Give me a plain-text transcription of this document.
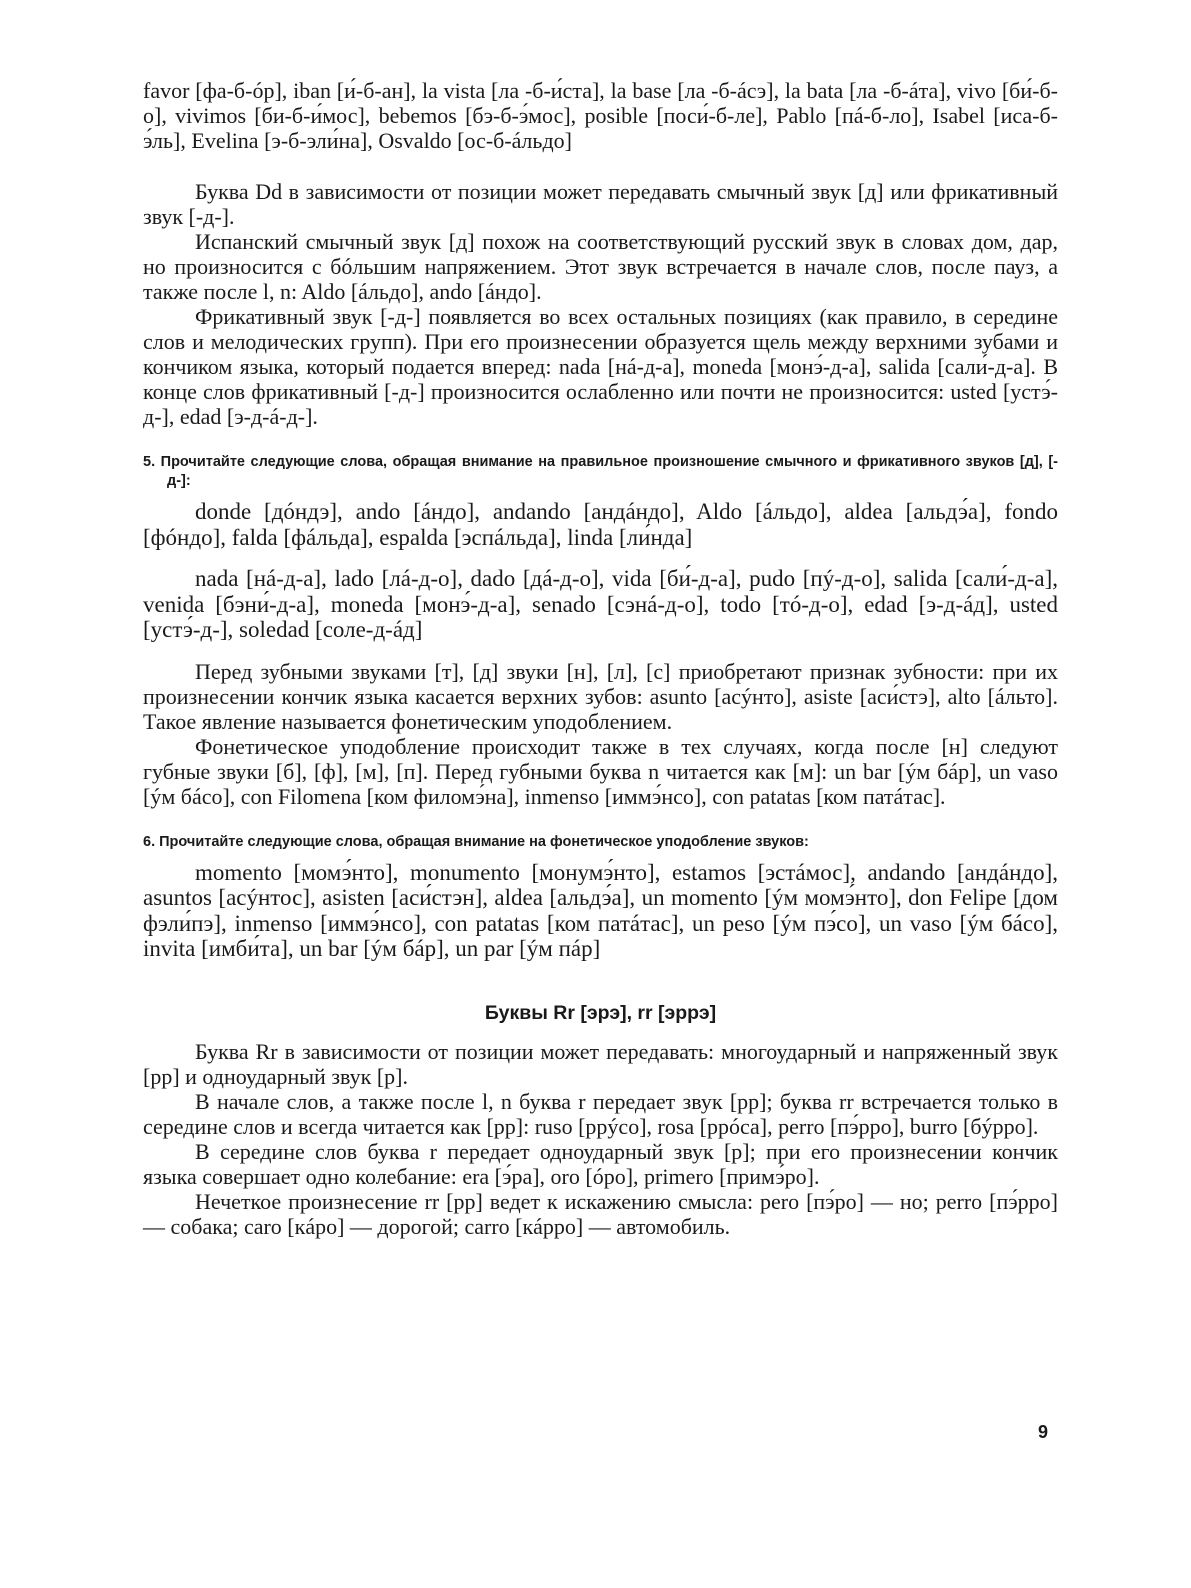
favor [фа-б-óр], iban [и́-б-ан], la vista [ла -б-и́ста], la base [ла -б-áсэ], la bata [ла -б-áта], vivo [би́-б-о], vivimos [би-б-и́мос], bebemos [бэ-б-э́мос], posible [поси́-б-ле], Pablo [пá-б-ло], Isabel [иса-б-э́ль], Evelina [э-б-эли́на], Osvaldo [ос-б-áльдо]

Буква Dd в зависимости от позиции может передавать смычный звук [д] или фрикативный звук [-д-].

Испанский смычный звук [д] похож на соответствующий русский звук в словах дом, дар, но произносится с бóльшим напряжением. Этот звук встречается в начале слов, после пауз, а также после l, n: Aldo [áльдо], ando [áндо].

Фрикативный звук [-д-] появляется во всех остальных позициях (как правило, в середине слов и мелодических групп). При его произнесении образуется щель между верхними зубами и кончиком языка, который подается вперед: nada [нá-д-а], moneda [монэ́-д-а], salida [сали́-д-а]. В конце слов фрикативный [-д-] произносится ослабленно или почти не произносится: usted [устэ́-д-], edad [э-д-á-д-].

5. Прочитайте следующие слова, обращая внимание на правильное произношение смычного и фрикативного звуков [д], [-д-]:

donde [дóндэ], ando [áндо], andando [андáндо], Aldo [áльдо], aldea [альдэ́а], fondo [фóндо], falda [фáльда], espalda [эспáльда], linda [ли́нда]

nada [нá-д-а], lado [лá-д-о], dado [дá-д-о], vida [би́-д-а], pudo [пý-д-о], salida [сали́-д-а], venida [бэни́-д-а], moneda [монэ́-д-а], senado [сэнá-д-о], todo [тó-д-о], edad [э-д-áд], usted [устэ́-д-], soledad [соле-д-áд]

Перед зубными звуками [т], [д] звуки [н], [л], [с] приобретают признак зубности: при их произнесении кончик языка касается верхних зубов: asunto [асýнто], asiste [аси́стэ], alto [áльто]. Такое явление называется фонетическим уподоблением.

Фонетическое уподобление происходит также в тех случаях, когда после [н] следуют губные звуки [б], [ф], [м], [п]. Перед губными буква n читается как [м]: un bar [ýм бáр], un vaso [ýм бáсо], con Filomena [ком филомэ́на], inmenso [иммэ́нсо], con patatas [ком патáтас].

6. Прочитайте следующие слова, обращая внимание на фонетическое уподобление звуков:

momento [момэ́нто], monumento [монумэ́нто], estamos [эстáмос], andando [андáндо], asuntos [асýнтос], asisten [аси́стэн], aldea [альдэ́а], un momento [ýм момэ́нто], don Felipe [дом фэли́пэ], inmenso [иммэ́нсо], con patatas [ком патáтас], un peso [ýм пэ́со], un vaso [ýм бáсо], invita [имби́та], un bar [ýм бáр], un par [ýм пáр]

Буквы Rr [эрэ], rr [эррэ]

Буква Rr в зависимости от позиции может передавать: многоударный и напряженный звук [рр] и одноударный звук [р].

В начале слов, а также после l, n буква r передает звук [рр]; буква rr встречается только в середине слов и всегда читается как [рр]: ruso [ррýсо], rosa [ррóса], perro [пэ́рро], burro [бýрро].

В середине слов буква r передает одноударный звук [р]; при его произнесении кончик языка совершает одно колебание: era [э́ра], oro [óро], primero [примэ́ро].

Нечеткое произнесение rr [рр] ведет к искажению смысла: pero [пэ́ро] — но; perro [пэ́рро] — собака; caro [кáро] — дорогой; carro [кáрро] — автомобиль.

9
